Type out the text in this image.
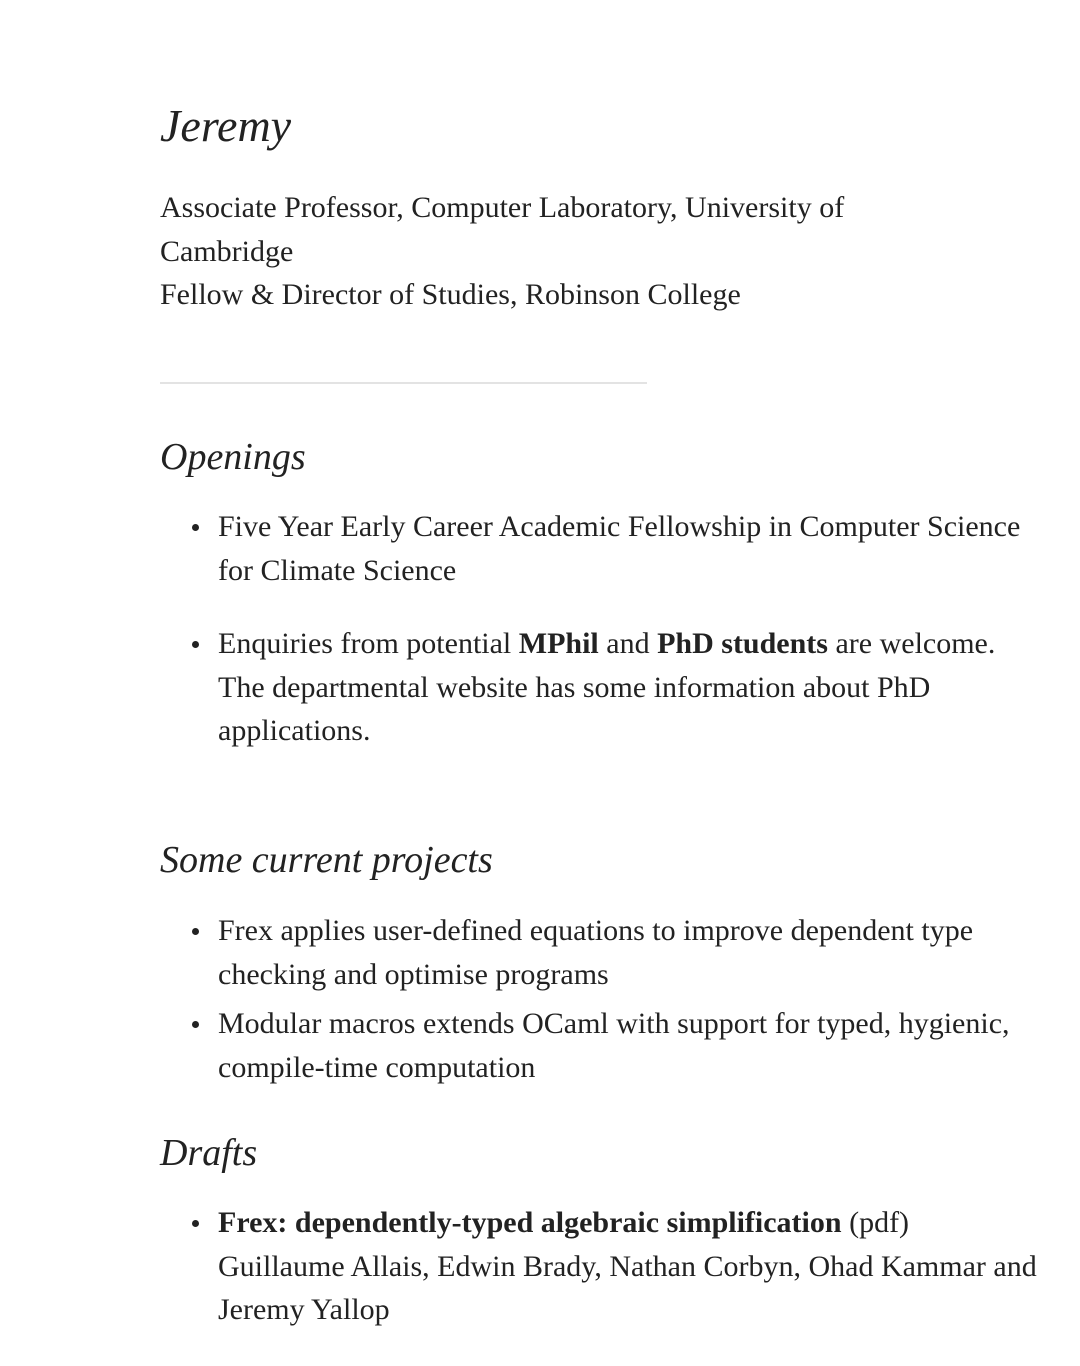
Jeremy

Associate Professor, Computer Laboratory, University of Cambridge
Fellow & Director of Studies, Robinson College

Openings
Five Year Early Career Academic Fellowship in Computer Science for Climate Science
Enquiries from potential MPhil and PhD students are welcome.
The departmental website has some information about PhD applications.
Some current projects
Frex applies user-defined equations to improve dependent type checking and optimise programs
Modular macros extends OCaml with support for typed, hygienic, compile-time computation
Drafts
Frex: dependently-typed algebraic simplification (pdf)
Guillaume Allais, Edwin Brady, Nathan Corbyn, Ohad Kammar and Jeremy Yallop
